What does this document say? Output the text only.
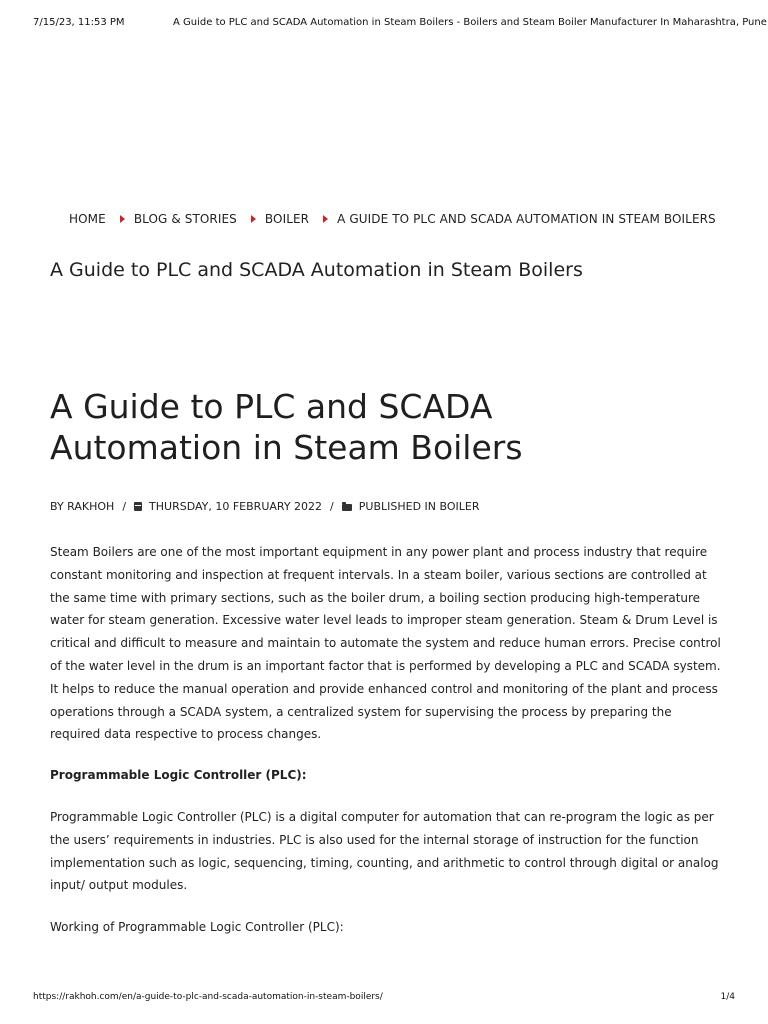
7/15/23, 11:53 PM	A Guide to PLC and SCADA Automation in Steam Boilers - Boilers and Steam Boiler Manufacturer In Maharashtra, Pune
HOME BLOG & STORIES BOILER A GUIDE TO PLC AND SCADA AUTOMATION IN STEAM BOILERS
A Guide to PLC and SCADA Automation in Steam Boilers
A Guide to PLC and SCADA Automation in Steam Boilers
BY RAKHOH / THURSDAY, 10 FEBRUARY 2022 / PUBLISHED IN BOILER

Steam Boilers are one of the most important equipment in any power plant and process industry that require constant monitoring and inspection at frequent intervals. In a steam boiler, various sections are controlled at the same time with primary sections, such as the boiler drum, a boiling section producing high-temperature water for steam generation. Excessive water level leads to improper steam generation. Steam & Drum Level is critical and difficult to measure and maintain to automate the system and reduce human errors. Precise control of the water level in the drum is an important factor that is performed by developing a PLC and SCADA system. It helps to reduce the manual operation and provide enhanced control and monitoring of the plant and process operations through a SCADA system, a centralized system for supervising the process by preparing the required data respective to process changes.

Programmable Logic Controller (PLC):

Programmable Logic Controller (PLC) is a digital computer for automation that can re-program the logic as per the users’ requirements in industries. PLC is also used for the internal storage of instruction for the function implementation such as logic, sequencing, timing, counting, and arithmetic to control through digital or analog input/ output modules.

Working of Programmable Logic Controller (PLC):

https://rakhoh.com/en/a-guide-to-plc-and-scada-automation-in-steam-boilers/	1/4
